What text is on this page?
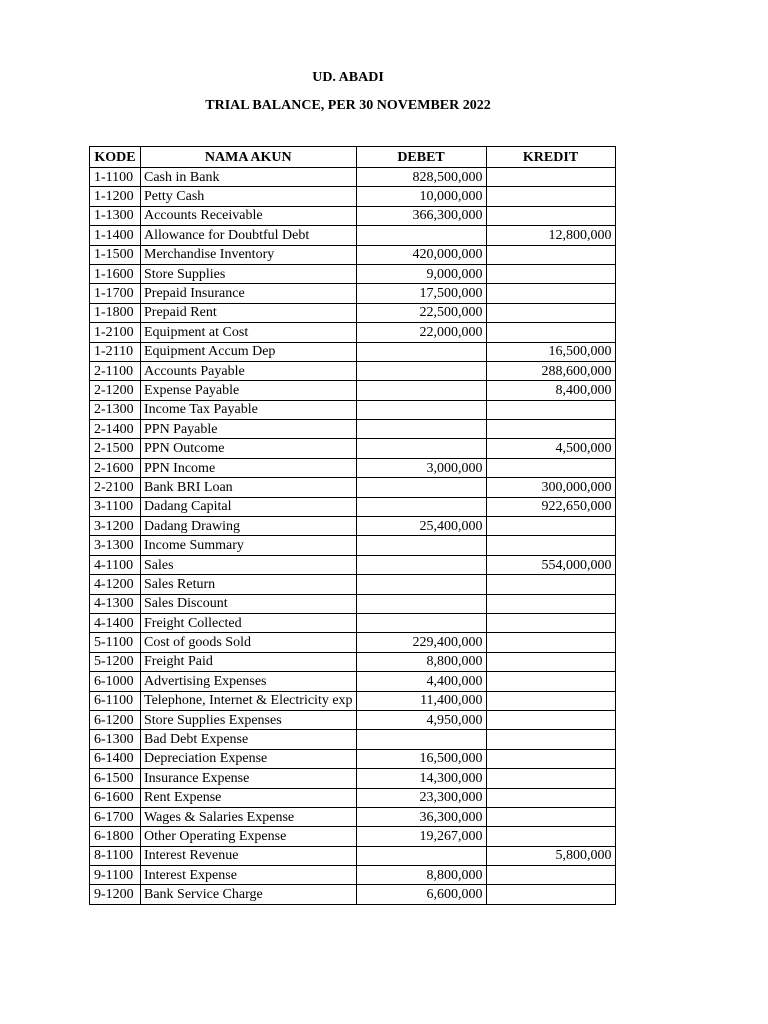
UD. ABADI
TRIAL BALANCE, PER 30 NOVEMBER 2022
KODE	NAMA AKUN	DEBET	KREDIT
1-1100	Cash in Bank	828,500,000	
1-1200	Petty Cash	10,000,000	
1-1300	Accounts Receivable	366,300,000	
1-1400	Allowance for Doubtful Debt		12,800,000
1-1500	Merchandise Inventory	420,000,000	
1-1600	Store Supplies	9,000,000	
1-1700	Prepaid Insurance	17,500,000	
1-1800	Prepaid Rent	22,500,000	
1-2100	Equipment at Cost	22,000,000	
1-2110	Equipment Accum Dep		16,500,000
2-1100	Accounts Payable		288,600,000
2-1200	Expense Payable		8,400,000
2-1300	Income Tax Payable		
2-1400	PPN Payable		
2-1500	PPN Outcome		4,500,000
2-1600	PPN Income	3,000,000	
2-2100	Bank BRI Loan		300,000,000
3-1100	Dadang Capital		922,650,000
3-1200	Dadang Drawing	25,400,000	
3-1300	Income Summary		
4-1100	Sales		554,000,000
4-1200	Sales Return		
4-1300	Sales Discount		
4-1400	Freight Collected		
5-1100	Cost of goods Sold	229,400,000	
5-1200	Freight Paid	8,800,000	
6-1000	Advertising Expenses	4,400,000	
6-1100	Telephone, Internet & Electricity exp	11,400,000	
6-1200	Store Supplies Expenses	4,950,000	
6-1300	Bad Debt Expense		
6-1400	Depreciation Expense	16,500,000	
6-1500	Insurance Expense	14,300,000	
6-1600	Rent Expense	23,300,000	
6-1700	Wages & Salaries Expense	36,300,000	
6-1800	Other Operating Expense	19,267,000	
8-1100	Interest Revenue		5,800,000
9-1100	Interest Expense	8,800,000	
9-1200	Bank Service Charge	6,600,000	
